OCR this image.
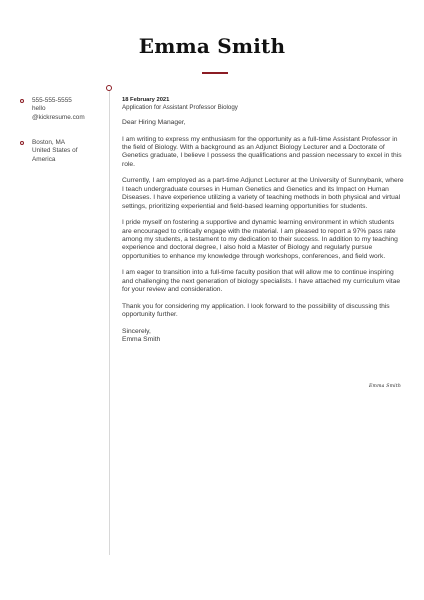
Emma Smith
555-555-5555
hello
@kickresume.com
Boston, MA
United States of
America
18 February 2021
Application for Assistant Professor Biology

Dear Hiring Manager,

I am writing to express my enthusiasm for the opportunity as a full-time Assistant Professor in the field of Biology. With a background as an Adjunct Biology Lecturer and a Doctorate of Genetics graduate, I believe I possess the qualifications and passion necessary to excel in this role.

Currently, I am employed as a part-time Adjunct Lecturer at the University of Sunnybank, where I teach undergraduate courses in Human Genetics and Genetics and its Impact on Human Diseases. I have experience utilizing a variety of teaching methods in both physical and virtual settings, prioritizing experiential and field-based learning opportunities for students.

I pride myself on fostering a supportive and dynamic learning environment in which students are encouraged to critically engage with the material. I am pleased to report a 97% pass rate among my students, a testament to my dedication to their success. In addition to my teaching experience and doctoral degree, I also hold a Master of Biology and regularly pursue opportunities to enhance my knowledge through workshops, conferences, and field work.

I am eager to transition into a full-time faculty position that will allow me to continue inspiring and challenging the next generation of biology specialists. I have attached my curriculum vitae for your review and consideration.

Thank you for considering my application. I look forward to the possibility of discussing this opportunity further.

Sincerely,
Emma Smith
Emma Smith
